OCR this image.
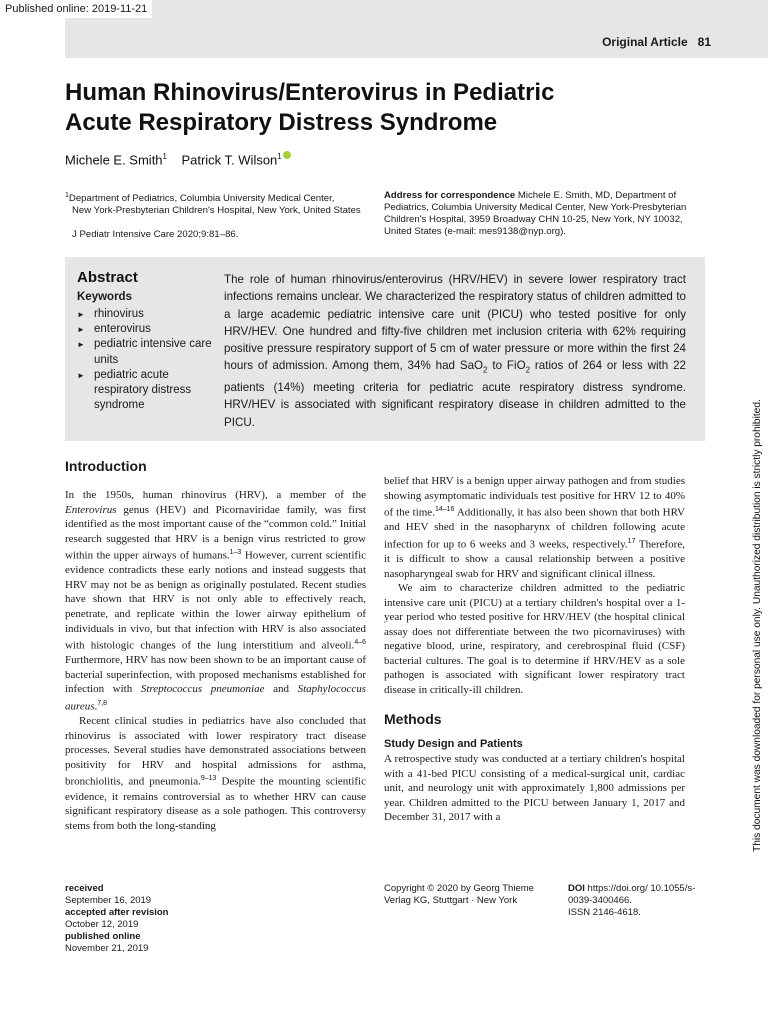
Published online: 2019-11-21
Original Article 81
Human Rhinovirus/Enterovirus in Pediatric
Acute Respiratory Distress Syndrome
Michele E. Smith$^1$ Patrick T. Wilson$^1$
$^1$Department of Pediatrics, Columbia University Medical Center,
New York-Presbyterian Children's Hospital, New York, United States
J Pediatr Intensive Care 2020;9:81–86.
Address for correspondence Michele E. Smith, MD, Department of Pediatrics, Columbia University Medical Center, New York-Presbyterian Children's Hospital, 3959 Broadway CHN 10-25, New York, NY 10032, United States (e-mail: mes9138@nyp.org).
Abstract
Keywords
► rhinovirus
► enterovirus
► pediatric intensive care units
► pediatric acute respiratory distress syndrome
The role of human rhinovirus/enterovirus (HRV/HEV) in severe lower respiratory tract infections remains unclear. We characterized the respiratory status of children admitted to a large academic pediatric intensive care unit (PICU) who tested positive for only HRV/HEV. One hundred and fifty-five children met inclusion criteria with 62% requiring positive pressure respiratory support of 5 cm of water pressure or more within the first 24 hours of admission. Among them, 34% had SaO$_2$ to FiO$_2$ ratios of 264 or less with 22 patients (14%) meeting criteria for pediatric acute respiratory distress syndrome. HRV/HEV is associated with significant respiratory disease in children admitted to the PICU.
Introduction

In the 1950s, human rhinovirus (HRV), a member of the Enterovirus genus (HEV) and Picornaviridae family, was first identified as the most important cause of the “common cold.” Initial research suggested that HRV is a benign virus restricted to grow within the upper airways of humans.$^{1-3}$ However, current scientific evidence contradicts these early notions and instead suggests that HRV may not be as benign as originally postulated. Recent studies have shown that HRV is not only able to effectively reach, penetrate, and replicate within the lower airway epithelium of individuals in vivo, but that infection with HRV is also associated with histologic changes of the lung interstitium and alveoli.$^{4-6}$ Furthermore, HRV has now been shown to be an important cause of bacterial superinfection, with proposed mechanisms established for infection with Streptococcus pneumoniae and Staphylococcus aureus.$^{7,8}$

Recent clinical studies in pediatrics have also concluded that rhinovirus is associated with lower respiratory tract disease processes. Several studies have demonstrated associations between positivity for HRV and hospital admissions for asthma, bronchiolitis, and pneumonia.$^{9-13}$ Despite the mounting scientific evidence, it remains controversial as to whether HRV can cause significant respiratory disease as a sole pathogen. This controversy stems from both the long-standing

belief that HRV is a benign upper airway pathogen and from studies showing asymptomatic individuals test positive for HRV 12 to 40% of the time.$^{14-16}$ Additionally, it has also been shown that both HRV and HEV shed in the nasopharynx of children following acute infection for up to 6 weeks and 3 weeks, respectively.$^{17}$ Therefore, it is difficult to show a causal relationship between a positive nasopharyngeal swab for HRV and significant clinical illness.

We aim to characterize children admitted to the pediatric intensive care unit (PICU) at a tertiary children's hospital over a 1-year period who tested positive for HRV/HEV (the hospital clinical assay does not differentiate between the two picornaviruses) with negative blood, urine, respiratory, and cerebrospinal fluid (CSF) bacterial cultures. The goal is to determine if HRV/HEV as a sole pathogen is associated with significant lower respiratory tract disease in critically-ill children.

Methods
Study Design and Patients
A retrospective study was conducted at a tertiary children's hospital with a 41-bed PICU consisting of a medical-surgical unit, cardiac unit, and neurology unit with approximately 1,800 admissions per year. Children admitted to the PICU between January 1, 2017 and December 31, 2017 with a
received
September 16, 2019
accepted after revision
October 12, 2019
published online
November 21, 2019
Copyright © 2020 by Georg Thieme Verlag KG, Stuttgart · New York
DOI https://doi.org/ 10.1055/s-0039-3400466.
ISSN 2146-4618.
This document was downloaded for personal use only. Unauthorized distribution is strictly prohibited.
